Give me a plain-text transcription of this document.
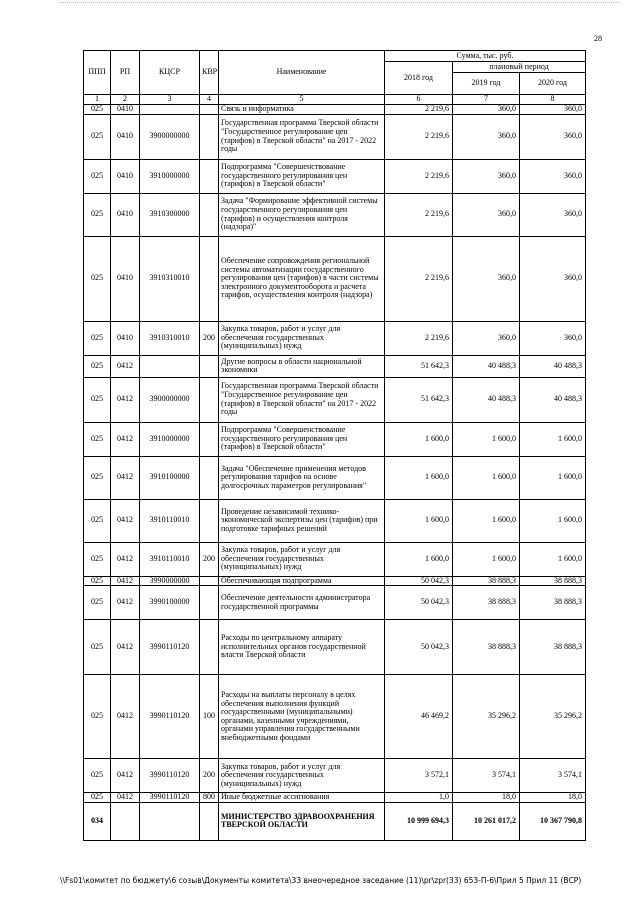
28
ППП	РП	КЦСР	КВР	Наименование	Сумма, тыс. руб.		
					2018 год	плановый период	
						2019 год	2020 год
1	2	3	4	5	6	7	8
025	0410			Связь и информатика	2 219,6	360,0	360,0
025	0410	3900000000		Государственная программа Тверской области "Государственное регулирование цен (тарифов) в Тверской области" на 2017 - 2022 годы	2 219,6	360,0	360,0
025	0410	3910000000		Подпрограмма "Совершенствование государственного регулирования цен (тарифов) в Тверской области"	2 219,6	360,0	360,0
025	0410	3910300000		Задача "Формирование эффективной системы государственного регулирования цен (тарифов) и осуществления контроля (надзора)"	2 219,6	360,0	360,0
025	0410	3910310010		Обеспечение сопровождения региональной системы автоматизации государственного регулирования цен (тарифов) в части системы электронного документооборота и расчета тарифов, осуществления контроля (надзора)	2 219,6	360,0	360,0
025	0410	3910310010	200	Закупка товаров, работ и услуг для обеспечения государственных (муниципальных) нужд	2 219,6	360,0	360,0
025	0412			Другие вопросы в области национальной экономики	51 642,3	40 488,3	40 488,3
025	0412	3900000000		Государственная программа Тверской области "Государственное регулирование цен (тарифов) в Тверской области" на 2017 - 2022 годы	51 642,3	40 488,3	40 488,3
025	0412	3910000000		Подпрограмма "Совершенствование государственного регулирования цен (тарифов) в Тверской области"	1 600,0	1 600,0	1 600,0
025	0412	3910100000		Задача "Обеспечение применения методов регулирования тарифов на основе долгосрочных параметров регулирования"	1 600,0	1 600,0	1 600,0
025	0412	3910110010		Проведение независимой технико-экономической экспертизы цен (тарифов) при подготовке тарифных решений	1 600,0	1 600,0	1 600,0
025	0412	3910110010	200	Закупка товаров, работ и услуг для обеспечения государственных (муниципальных) нужд	1 600,0	1 600,0	1 600,0
025	0412	3990000000		Обеспечивающая подпрограмма	50 042,3	38 888,3	38 888,3
025	0412	3990100000		Обеспечение деятельности администратора государственной программы	50 042,3	38 888,3	38 888,3
025	0412	3990110120		Расходы по центральному аппарату исполнительных органов государственной власти Тверской области	50 042,3	38 888,3	38 888,3
025	0412	3990110120	100	Расходы на выплаты персоналу в целях обеспечения выполнения функций государственными (муниципальными) органами, казенными учреждениями, органами управления государственными внебюджетными фондами	46 469,2	35 296,2	35 296,2
025	0412	3990110120	200	Закупка товаров, работ и услуг для обеспечения государственных (муниципальных) нужд	3 572,1	3 574,1	3 574,1
025	0412	3990110120	800	Иные бюджетные ассигнования	1,0	18,0	18,0
034				МИНИСТЕРСТВО ЗДРАВООХРАНЕНИЯ ТВЕРСКОЙ ОБЛАСТИ	10 999 694,3	10 261 017,2	10 367 790,8
\\Fs01\комитет по бюджету\6 созыв\Документы комитета\33 внеочередное заседание (11)\pr\zpr(33) 653-П-6\Прил 5 Прил 11 (ВСР)
